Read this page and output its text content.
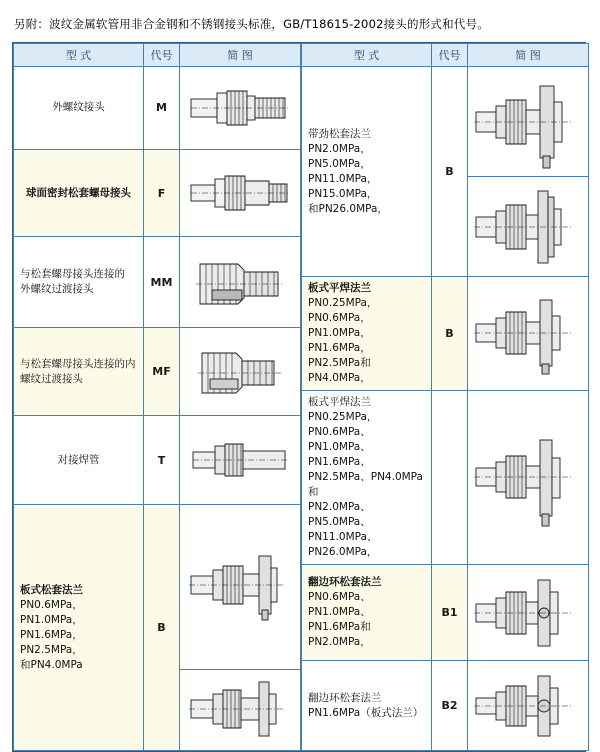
另附：波纹金属软管用非合金钢和不锈钢接头标准，GB/T18615-2002接头的形式和代号。
型 式	代号	简 图

外螺纹接头	M	

球面密封松套螺母接头	F	

与松套螺母接头连接的
外螺纹过渡接头	MM	

与松套螺母接头连接的内
螺纹过渡接头	MF	

对接焊管	T	

板式松套法兰
PN0.6MPa，PN1.0MPa，
PN1.6MPa，PN2.5MPa，
和PN4.0MPa	B	

型 式	代号	简 图

带劲松套法兰
PN2.0MPa，PN5.0MPa，
PN11.0MPa，PN15.0MPa，
和PN26.0MPa，	B	

板式平焊法兰
PN0.25MPa，PN0.6MPa，
PN1.0MPa，PN1.6MPa，
PN2.5MPa和PN4.0MPa，	B	

板式平焊法兰
PN0.25MPa，PN0.6MPa、
PN1.0MPa、PN1.6MPa、
PN2.5MPa、PN4.0MPa 和
PN2.0MPa、PN5.0MPa、
PN11.0MPa、PN26.0MPa，

翻边环松套法兰
PN0.6MPa、PN1.0MPa、
PN1.6MPa和PN2.0MPa，	B1	

翻边环松套法兰
PN1.6MPa（板式法兰）	B2	
